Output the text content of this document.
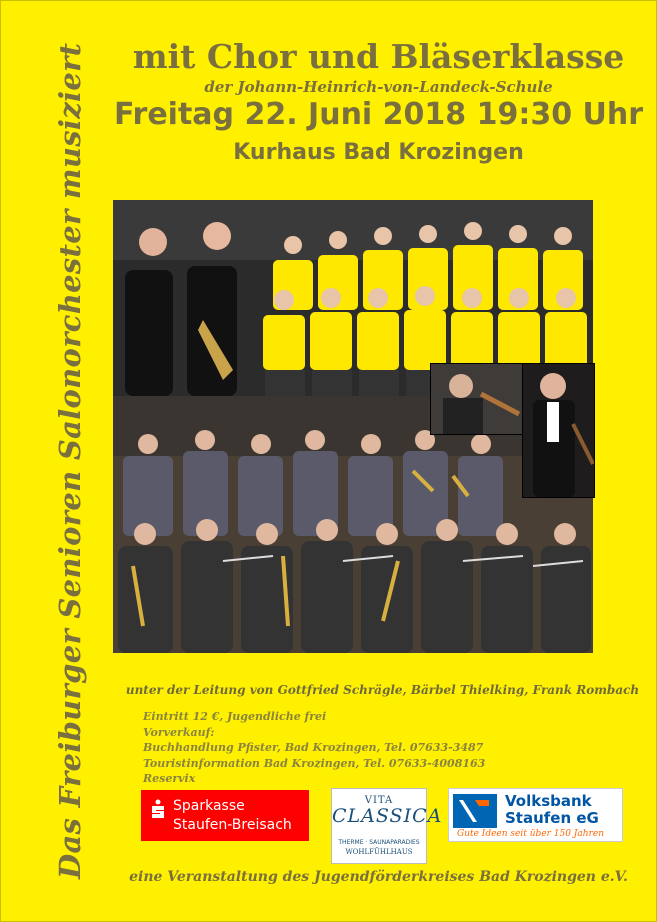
Das Freiburger Senioren Salonorchester musiziert	mit Chor und Bläserklasse
der Johann-Heinrich-von-Landeck-Schule
Freitag 22. Juni 2018 19:30 Uhr
Kurhaus Bad Krozingen
unter der Leitung von Gottfried Schrägle, Bärbel Thielking, Frank Rombach
Eintritt 12 €, Jugendliche frei
Vorverkauf:
Buchhandlung Pfister, Bad Krozingen, Tel. 07633-3487
Touristinformation Bad Krozingen, Tel. 07633-4008163
Reservix
Sparkasse
Staufen-Breisach
VITA
CLASSICA
THERME · SAUNAPARADIES
WOHLFÜHLHAUS
Volksbank
Staufen eG
Gute Ideen seit über 150 Jahren
eine Veranstaltung des Jugendförderkreises Bad Krozingen e.V.
